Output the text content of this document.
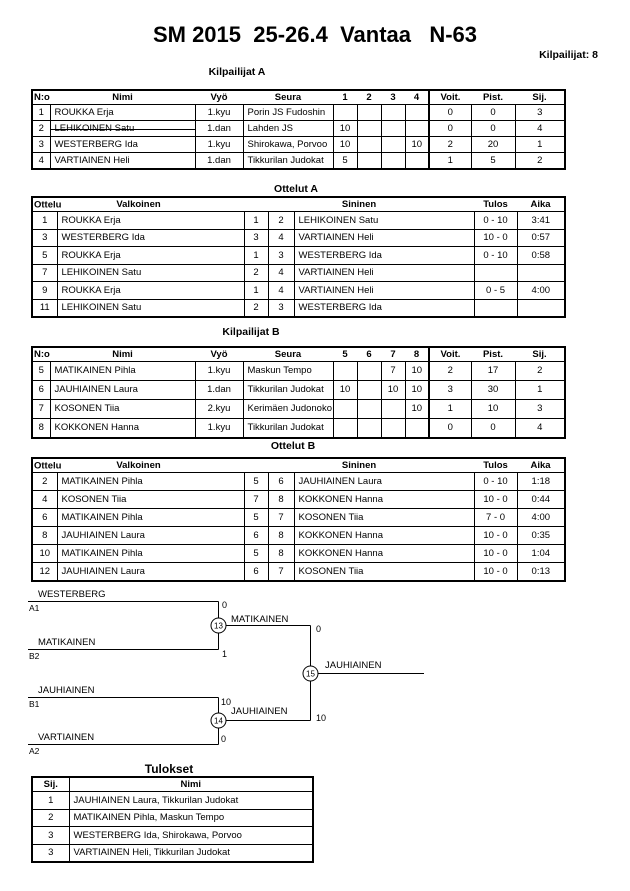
SM 2015  25-26.4  Vantaa   N-63
Kilpailijat: 8
Kilpailijat A
N:o	Nimi	Vyö	Seura	1	2	3	4	Voit.	Pist.	Sij.
1	ROUKKA Erja	1.kyu	Porin JS Fudoshin					0	0	3
2	LEHIKOINEN Satu	1.dan	Lahden JS	10				0	0	4
3	WESTERBERG Ida	1.kyu	Shirokawa, Porvoo	10			10	2	20	1
4	VARTIAINEN Heli	1.dan	Tikkurilan Judokat	5				1	5	2
Ottelut A
Ottelu Valkoinen		Sininen			Tulos	Aika
1	ROUKKA Erja	1	2	LEHIKOINEN Satu	0 - 10	3:41
3	WESTERBERG Ida	3	4	VARTIAINEN Heli	10 - 0	0:57
5	ROUKKA Erja	1	3	WESTERBERG Ida	0 - 10	0:58
7	LEHIKOINEN Satu	2	4	VARTIAINEN Heli		
9	ROUKKA Erja	1	4	VARTIAINEN Heli	0 - 5	4:00
11	LEHIKOINEN Satu	2	3	WESTERBERG Ida		
Kilpailijat B
N:o	Nimi	Vyö	Seura	5	6	7	8	Voit.	Pist.	Sij.
5	MATIKAINEN Pihla	1.kyu	Maskun Tempo			7	10	2	17	2
6	JAUHIAINEN Laura	1.dan	Tikkurilan Judokat	10		10	10	3	30	1
7	KOSONEN Tiia	2.kyu	Kerimäen Judonoko				10	1	10	3
8	KOKKONEN Hanna	1.kyu	Tikkurilan Judokat					0	0	4
Ottelut B
Ottelu Valkoinen		Sininen			Tulos	Aika
2	MATIKAINEN Pihla	5	6	JAUHIAINEN Laura	0 - 10	1:18
4	KOSONEN Tiia	7	8	KOKKONEN Hanna	10 - 0	0:44
6	MATIKAINEN Pihla	5	7	KOSONEN Tiia	7 - 0	4:00
8	JAUHIAINEN Laura	6	8	KOKKONEN Hanna	10 - 0	0:35
10	MATIKAINEN Pihla	5	8	KOKKONEN Hanna	10 - 0	1:04
12	JAUHIAINEN Laura	6	7	KOSONEN Tiia	10 - 0	0:13
WESTERBERG
A1	0
MATIKAINEN
B2	1
MATIKAINEN
0
JAUHIAINEN
B1	10
VARTIAINEN
A2
0
JAUHIAINEN
10
JAUHIAINEN
13
14
15
Tulokset
Sij.	Nimi
1	JAUHIAINEN Laura, Tikkurilan Judokat
2	MATIKAINEN Pihla, Maskun Tempo
3	WESTERBERG Ida, Shirokawa, Porvoo
3	VARTIAINEN Heli, Tikkurilan Judokat
